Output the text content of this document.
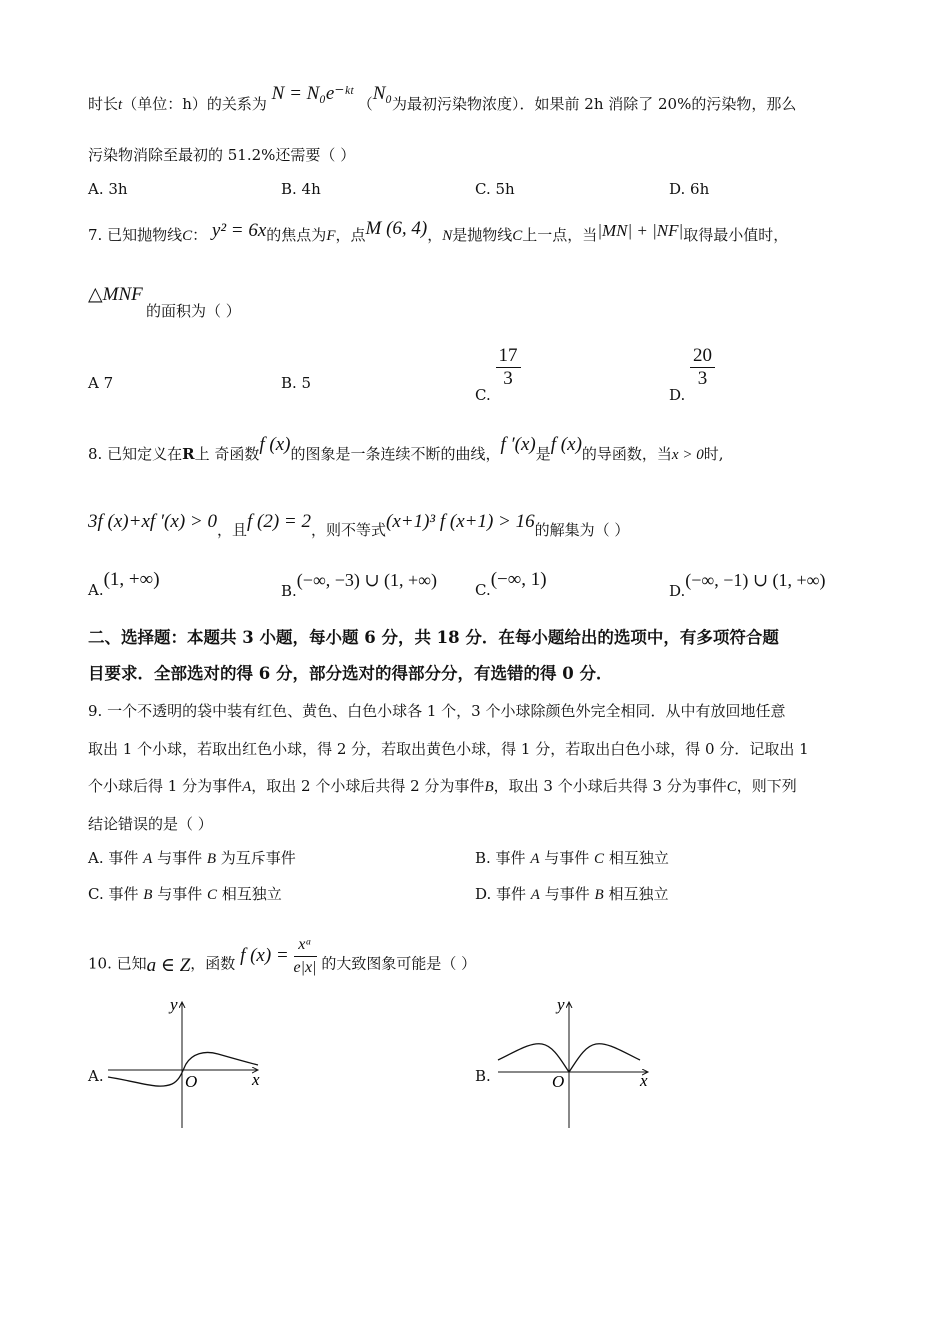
时长t（单位：h）的关系为 N = N₀e⁻ᵏᵗ （N₀为最初污染物浓度）．如果前 2h 消除了 20%的污染物，那么
污染物消除至最初的 51.2%还需要（ ）
A. 3h	B. 4h	C. 5h	D. 6h
7. 已知抛物线C： y² = 6x的焦点为F，点M (6, 4)，N是抛物线C上一点，当|MN| + |NF|取得最小值时，
△MNF
的面积为（ ）
A 7	B. 5
C.
$\frac{17}{3}$
D.
$\frac{20}{3}$
8. 已知定义在R上 奇函数f (x)的图象是一条连续不断的曲线，f ′(x)是f (x)的导函数，当x > 0时,
3f (x)+xf ′(x) > 0，且f (2) = 2，则不等式(x+1)³ f (x+1) > 16的解集为（ ）
A.(1, +∞)
B.(−∞, −3) ∪ (1, +∞)	C.(−∞, 1)
D.(−∞, −1) ∪ (1, +∞)
二、选择题：本题共 3 小题，每小题 6 分，共 18 分．在每小题给出的选项中，有多项符合题
目要求．全部选对的得 6 分，部分选对的得部分分，有选错的得 0 分．
9. 一个不透明的袋中装有红色、黄色、白色小球各 1 个，3 个小球除颜色外完全相同．从中有放回地任意
取出 1 个小球，若取出红色小球，得 2 分，若取出黄色小球，得 1 分，若取出白色小球，得 0 分．记取出 1
个小球后得 1 分为事件A，取出 2 个小球后共得 2 分为事件B，取出 3 个小球后共得 3 分为事件C，则下列
结论错误的是（ ）
A. 事件 A 与事件 B 为互斥事件	B. 事件 A 与事件 C 相互独立
C. 事件 B 与事件 C 相互独立	D. 事件 A 与事件 B 相互独立
10. 已知a ∈ Z，函数 f $(x) = \frac{\text{xᵃ}}{e|x|}$ 的大致图象可能是（ ）
A.	x
y
O	B.	x
y
O
